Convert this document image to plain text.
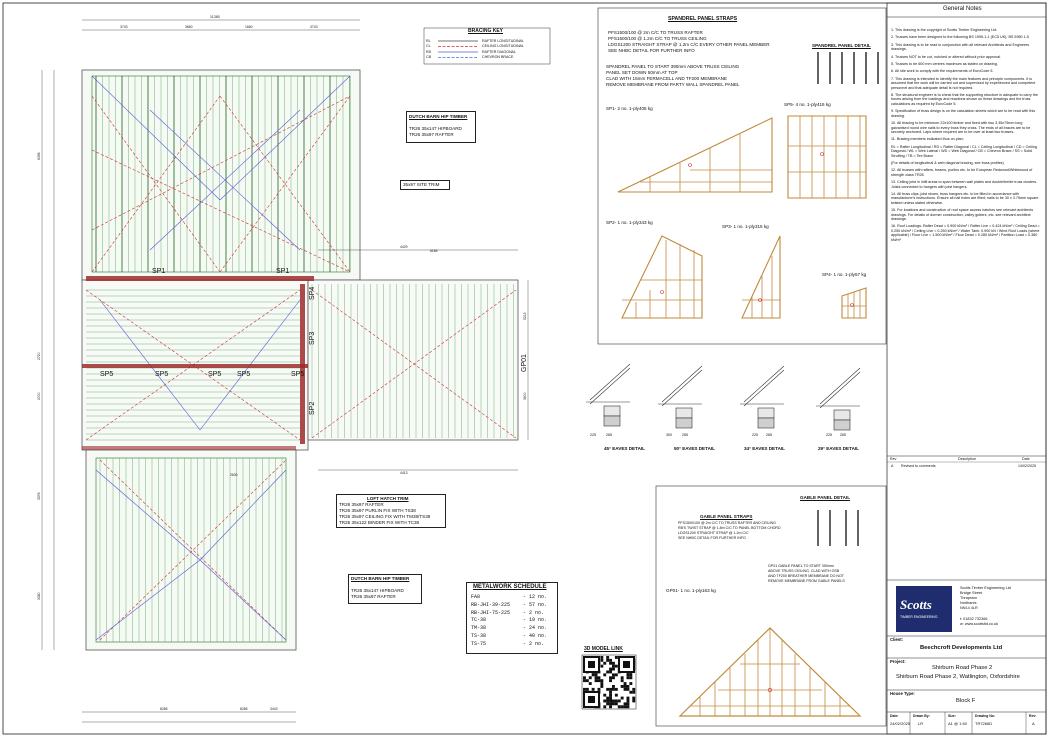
11380
3743	3660	1660	3743
8285	8285	3443
6356
2720
2000
3376
3380
5215
3600
4429
6185
4413
2630
SP1	SP1
SP4
SP3
SP2
SP5	SP5	SP5 SP5	SP5
GP01
BRACING KEY
RL	RAFTER LONGITUDINAL
CL	CEILING LONGITUDINAL
RD	RAFTER DIAGONAL
CB	CHEVRON BRACE
DUTCH BARN HIP TIMBER
TR26 35x147 HIPBOARD
TR26 35x97 RAFTER
35x97 SITE TRIM
LOFT HATCH TRIM
TR26 35x97 RAFTER
TR26 35x97 PURLIN FIX WITH TS38
TR26 35x97 CEILING FIX WITH TM38/TS38
TR26 35x122 BINDER FIX WITH TC38
DUTCH BARN HIP TIMBER
TR26 35x147 HIPBOARD
TR26 35x97 RAFTER
METALWORK SCHEDULE
FA8	- 12 no.
RB-JHI-39-225	- 57 no.
RB-JHI-75-225	- 2 no.
TC-38	- 19 no.
TM-38	- 24 no.
TS-38	- 40 no.
TS-75	- 2 no.
3D MODEL LINK
SPANDREL PANEL STRAPS
PFS1500/100 @ 2m C/C TO TRUSS RAFTER
PFS1500/100 @ 1.2m C/C TO TRUSS CEILING
LDGS1200 STRAIGHT STRAP @ 1.2m C/C EVERY OTHER PANEL MEMBER
SEE NHBC DETAIL FOR FURTHER INFO
SPANDREL PANEL TO START 390mm ABOVE TRUSS CEILING
PANEL SET DOWN 50mm AT TOP
CLAD WITH 15mm FERMACELL AND TF200 MEMBRANE
REMOVE MEMBRANE FROM PARTY WALL SPANDREL PANEL
SPANDREL PANEL DETAIL
SP1- 2 no. 1-ply405 kg
SP5- 4 no. 1-ply416 kg
SP2- 1 no. 1-ply343 kg
SP3- 1 no. 1-ply315 kg
SP4- 1 no. 1-ply57 kg
45° EAVES DETAIL	50° EAVES DETAIL	34° EAVES DETAIL	29° EAVES DETAIL
225	265	300	265	225 265	225 265
GABLE PANEL STRAPS
PFS1500/100 @ 2m C/C TO TRUSS RAFTER AND CEILING
RB'S TWIST STRAP @ 1.8m C/C TO PANEL BOTTOM CHORD
LDGS1200 STRAIGHT STRAP @ 1.2m C/C
SEE NHBC DETAIL FOR FURTHER INFO
GABLE PANEL DETAIL
GP01 GABLE PANEL TO START 390mm
ABOVE TRUSS CEILING. CLAD WITH OSB
AND TF200 BREATHER MEMBRANE DO NOT
REMOVE MEMBRANE FROM GABLE PANELS
GP01- 1 no. 1-ply163 kg
General Notes
1. This drawing is the copyright of Scotts Timber Engineering Ltd.
2. Trusses have been designed to the following BS 1995-1-1 (EC5 UK), BS 5950 1-5
3. This drawing is to be read in conjunction with all relevant Architects and Engineers drawings.
4. Trusses NOT to be cut, notched or altered without prior approval.
5. Trusses to be 600 mm centres maximum as stated on drawing.
6. All site work to comply with the requirements of EuroCode 5.
7. This drawing is intended to identify the main features and principle components. It is assumed that the work will be carried out and supervised by experienced and competent personnel and that adequate detail is not required.
8. The structural engineer is to check that the supporting structure is adequate to carry the forces arising from the loadings and reactions shown on these drawings and the truss calculations as required by EuroCode 5.
9. Specification of truss design is on the calculation sheets which are to be read with this drawing.
10. All bracing to be minimum 22x100 timber and fixed with two 3.35x75mm long galvanised round wire nails to every truss they cross. The ends of all braces are to be securely anchored. Laps where required are to be over at least two trusses.
11. Bracing members indicated thus on plan:
RL = Rafter Longitudinal / RD = Rafter Diagonal / CL = Ceiling Longitudinal / CD = Ceiling Diagonal / WL = Web Lateral / WD = Web Diagonal / CB = Chevron Brace / SS = Solid Strutting / TB = Tee Brace
(For details of longitudinal & web diagonal bracing, see truss profiles)
12. All trusses with rafters, beams, purlins etc. to be European Redwood/Whitewood of strength class TR26
13. Ceiling joist in infill areas to span between wall plates and double/treble truss clusters. Joists connected to hangers with joist hangers.
14. All truss clips, joist shoes, truss hangers etc. to be fitted in accordance with manufacturer's instructions. Ensure all nail holes are filled; nails to be 30 x 3.75mm square twisted unless stated otherwise.
15. For locations and construction of roof space access hatches see relevant architects drawings. For details of dormer construction, valley gutters, etc. see relevant architect drawings.
16. Roof Loadings: Rafter Dead = 0.900 kN/m² / Rafter Live = 0.424 kN/m² / Ceiling Dead = 0.250 kN/m² / Ceiling Live = 0.250 kN/m² / Water Tank: 0.900 kN / Wind Roof Loads (where applicable) / Floor Live = 1.500 kN/m² / Floor Dead = 0.280 kN/m² / Partition Load = 0.380 kN/m²
Rev	Description	Date
A Revised to comments	14/02/2025
Scotts
TIMBER ENGINEERING
Scotts Timber Engineering Ltd
Bridge Street
Thrapston
Northants
NN14 4LR
t: 01832 732366
w: www.scottsltd.co.uk
Client:
Beechcroft Developments Ltd
Project:
Shirburn Road Phase 2
Shirburn Road Phase 2, Watlington, Oxfordshire
House Type:
Block F
Date:
24/02/2025
Drawn By:
LR
Size:
A1 @ 1:50
Drawing No:
TR7266D
Rev:
A
